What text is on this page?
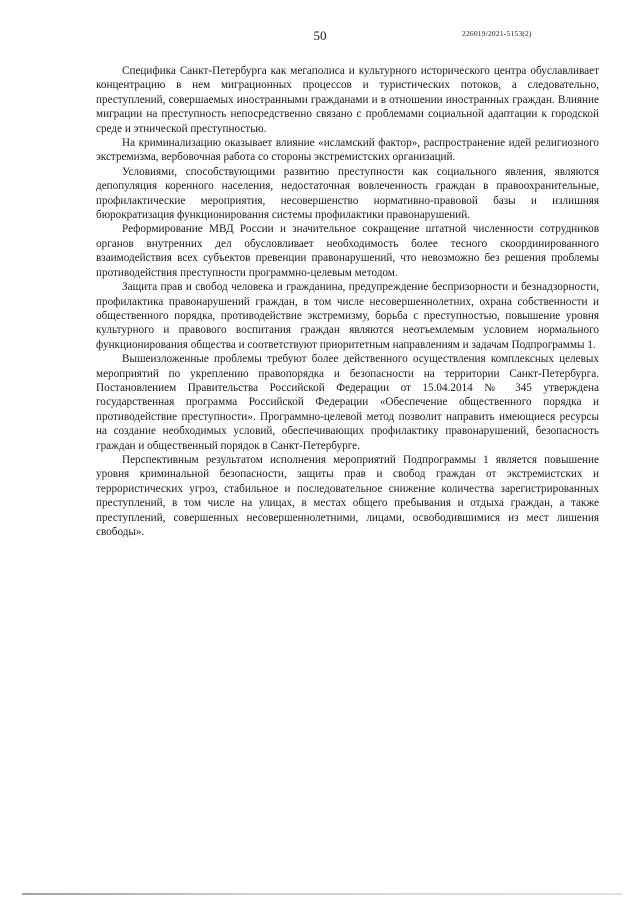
50	226019/2021-5153(2)

Специфика Санкт-Петербурга как мегаполиса и культурного исторического центра обуславливает концентрацию в нем миграционных процессов и туристических потоков, а следовательно, преступлений, совершаемых иностранными гражданами и в отношении иностранных граждан. Влияние миграции на преступность непосредственно связано с проблемами социальной адаптации к городской среде и этнической преступностью.

На криминализацию оказывает влияние «исламский фактор», распространение идей религиозного экстремизма, вербовочная работа со стороны экстремистских организаций.

Условиями, способствующими развитию преступности как социального явления, являются депопуляция коренного населения, недостаточная вовлеченность граждан в правоохранительные, профилактические мероприятия, несовершенство нормативно-правовой базы и излишняя бюрократизация функционирования системы профилактики правонарушений.

Реформирование МВД России и значительное сокращение штатной численности сотрудников органов внутренних дел обусловливает необходимость более тесного скоординированного взаимодействия всех субъектов превенции правонарушений, что невозможно без решения проблемы противодействия преступности программно-целевым методом.

Защита прав и свобод человека и гражданина, предупреждение беспризорности и безнадзорности, профилактика правонарушений граждан, в том числе несовершеннолетних, охрана собственности и общественного порядка, противодействие экстремизму, борьба с преступностью, повышение уровня культурного и правового воспитания граждан являются неотъемлемым условием нормального функционирования общества и соответствуют приоритетным направлениям и задачам Подпрограммы 1.

Вышеизложенные проблемы требуют более действенного осуществления комплексных целевых мероприятий по укреплению правопорядка и безопасности на территории Санкт-Петербурга. Постановлением Правительства Российской Федерации от 15.04.2014 № 345 утверждена государственная программа Российской Федерации «Обеспечение общественного порядка и противодействие преступности». Программно-целевой метод позволит направить имеющиеся ресурсы на создание необходимых условий, обеспечивающих профилактику правонарушений, безопасность граждан и общественный порядок в Санкт-Петербурге.

Перспективным результатом исполнения мероприятий Подпрограммы 1 является повышение уровня криминальной безопасности, защиты прав и свобод граждан от экстремистских и террористических угроз, стабильное и последовательное снижение количества зарегистрированных преступлений, в том числе на улицах, в местах общего пребывания и отдыха граждан, а также преступлений, совершенных несовершеннолетними, лицами, освободившимися из мест лишения свободы».
